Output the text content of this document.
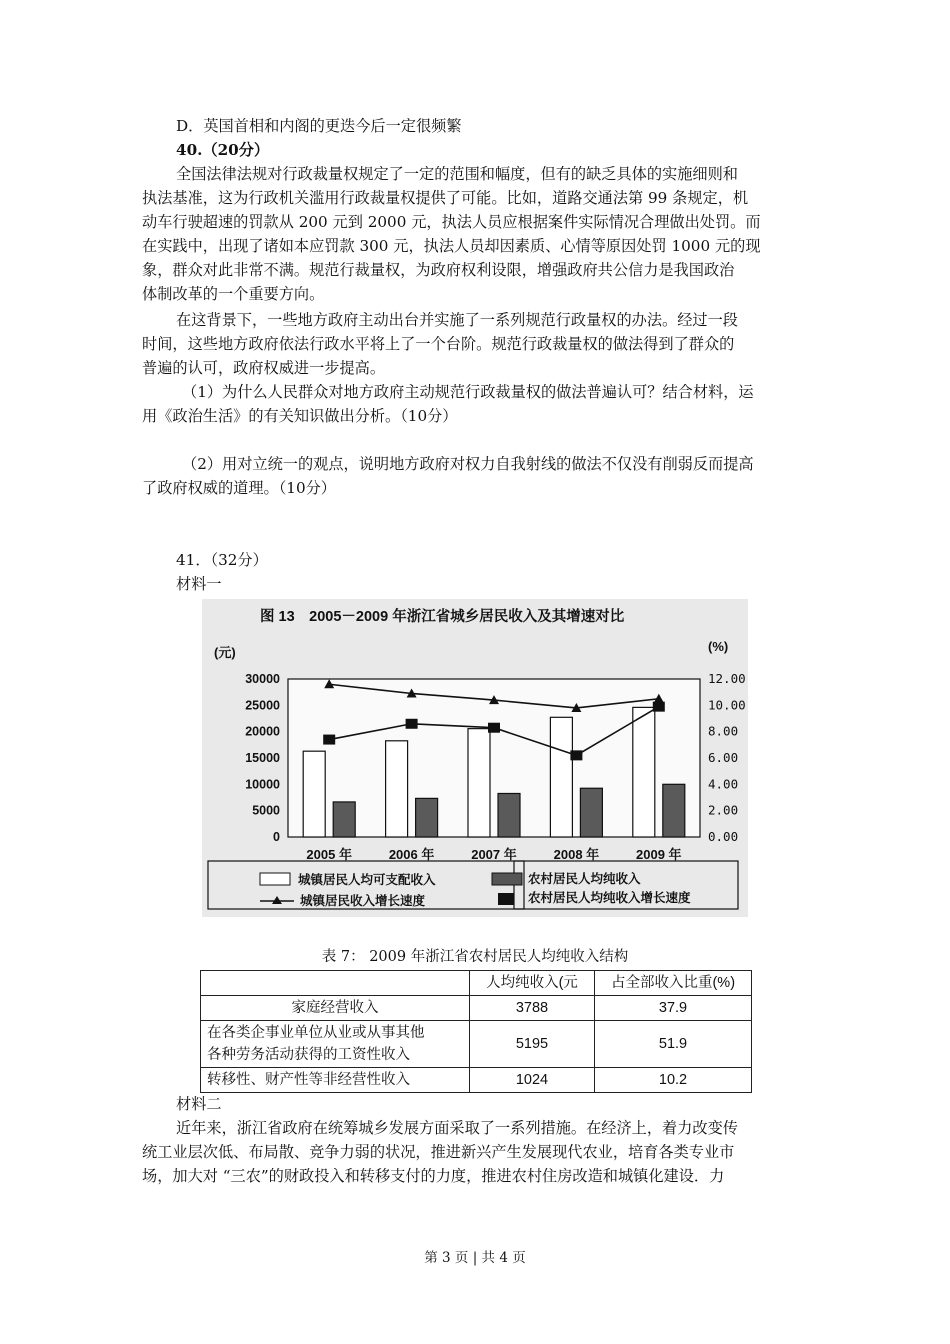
D．英国首相和内阁的更迭今后一定很频繁
40.（20分）
全国法律法规对行政裁量权规定了一定的范围和幅度，但有的缺乏具体的实施细则和
执法基准，这为行政机关滥用行政裁量权提供了可能。比如，道路交通法第 99 条规定，机
动车行驶超速的罚款从 200 元到 2000 元，执法人员应根据案件实际情况合理做出处罚。而
在实践中，出现了诸如本应罚款 300 元，执法人员却因素质、心情等原因处罚 1000 元的现
象，群众对此非常不满。规范行裁量权，为政府权利设限，增强政府共公信力是我国政治
体制改革的一个重要方向。
在这背景下，一些地方政府主动出台并实施了一系列规范行政量权的办法。经过一段
时间，这些地方政府依法行政水平将上了一个台阶。规范行政裁量权的做法得到了群众的
普遍的认可，政府权威进一步提高。
（1）为什么人民群众对地方政府主动规范行政裁量权的做法普遍认可？结合材料，运
用《政治生活》的有关知识做出分析。（10分）
（2）用对立统一的观点，说明地方政府对权力自我射线的做法不仅没有削弱反而提高
了政府权威的道理。（10分）
41．（32分）
材料一
图 13　2005－2009 年浙江省城乡居民收入及其增速对比
(元)	(%)
30000
25000
20000
15000
10000
5000
0
12.00
10.00
8.00
6.00
4.00
2.00
0.00
2005 年	2006 年	2007 年	2008 年	2009 年
城镇居民人均可支配收入	农村居民人均纯收入
城镇居民收入增长速度	农村居民人均纯收入增长速度
表 7： 2009 年浙江省农村居民人均纯收入结构
	人均纯收入(元	占全部收入比重(%)
家庭经营收入	3788	37.9

在各类企事业单位从业或从事其他
各种劳务活动获得的工资性收入	5195	51.9
转移性、财产性等非经营性收入	1024	10.2
材料二
近年来，浙江省政府在统筹城乡发展方面采取了一系列措施。在经济上，着力改变传
统工业层次低、布局散、竞争力弱的状况，推进新兴产生发展现代农业，培育各类专业市
场，加大对 “三农”的财政投入和转移支付的力度，推进农村住房改造和城镇化建设．力
第 3 页 | 共 4 页
